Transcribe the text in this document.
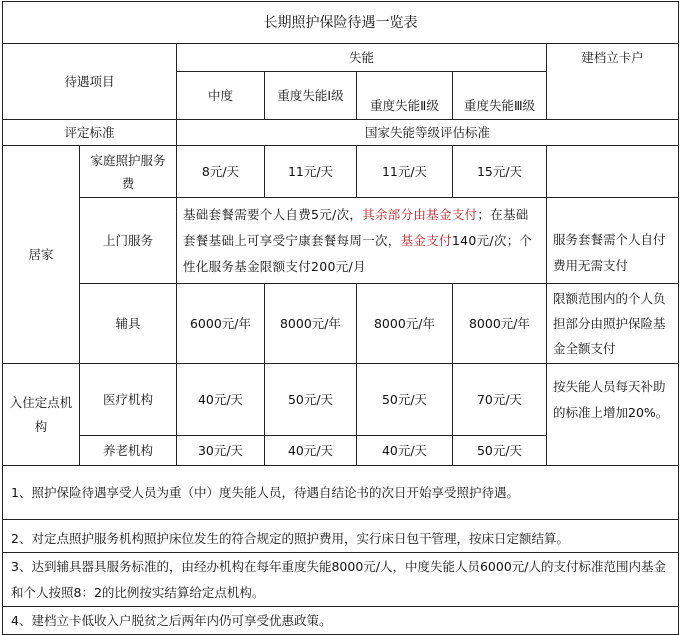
长期照护保险待遇一览表						
待遇项目		失能				建档立卡户
		中度	重度失能Ⅰ级	重度失能Ⅱ级	重度失能Ⅲ级	
评定标准		国家失能等级评估标准				
居家	家庭照护服务费	8元/天	11元/天	11元/天	15元/天	
	上门服务	基础套餐需要个人自费5元/次，其余部分由基金支付；在基础套餐基础上可享受宁康套餐每周一次，基金支付140元/次；个性化服务基金限额支付200元/月				服务套餐需个人自付费用无需支付
	辅具	6000元/年	8000元/年	8000元/年	8000元/年	限额范围内的个人负担部分由照护保险基金全额支付
入住定点机构	医疗机构	40元/天	50元/天	50元/天	70元/天	按失能人员每天补助的标准上增加20%。
	养老机构	30元/天	40元/天	40元/天	50元/天	
1、照护保险待遇享受人员为重（中）度失能人员，待遇自结论书的次日开始享受照护待遇。						
2、对定点照护服务机构照护床位发生的符合规定的照护费用，实行床日包干管理，按床日定额结算。						
3、达到辅具器具服务标准的，由经办机构在每年重度失能8000元/人，中度失能人员6000元/人的支付标准范围内基金和个人按照8：2的比例按实结算给定点机构。						
4、建档立卡低收入户脱贫之后两年内仍可享受优惠政策。						
